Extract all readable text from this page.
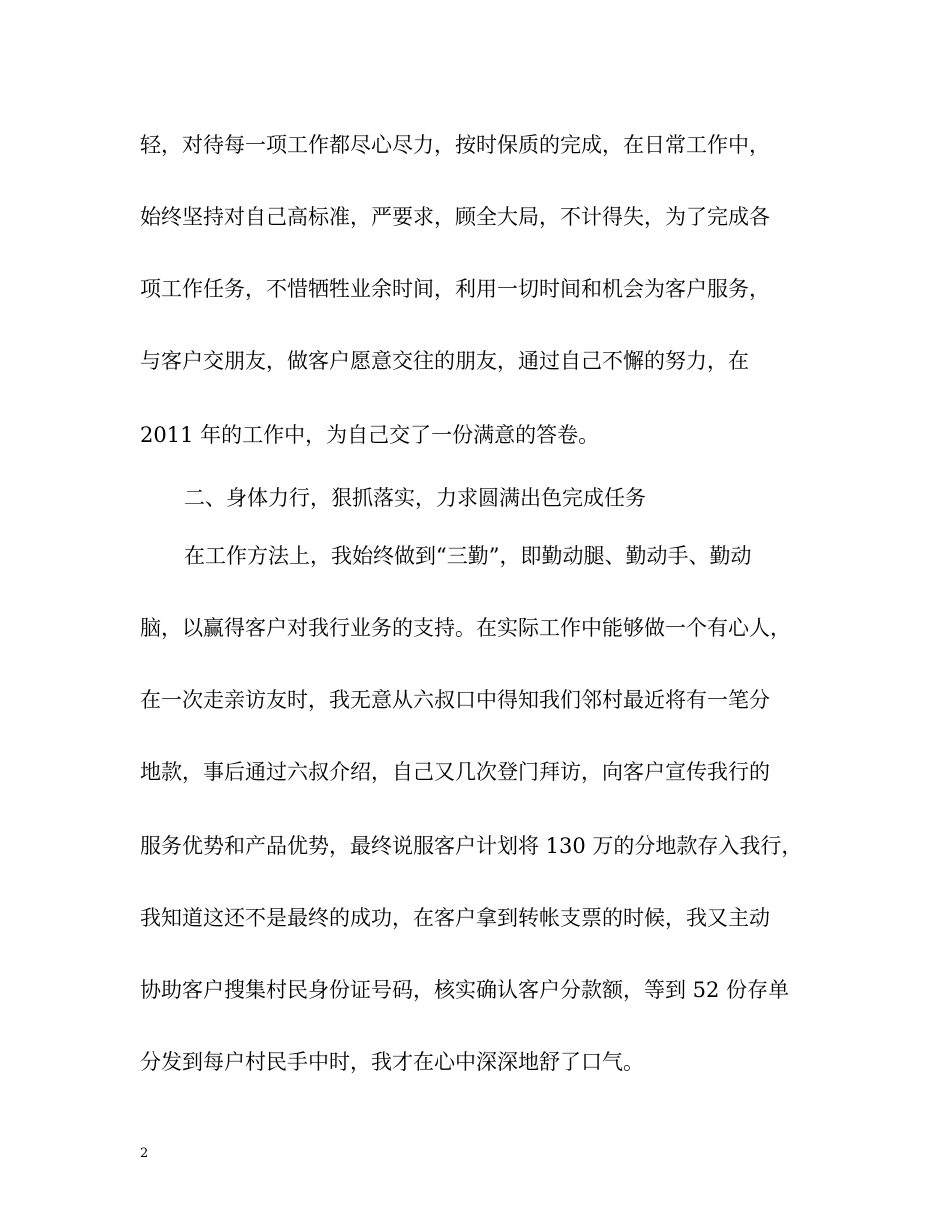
轻，对待每一项工作都尽心尽力，按时保质的完成，在日常工作中，
始终坚持对自己高标准，严要求，顾全大局，不计得失，为了完成各
项工作任务，不惜牺牲业余时间，利用一切时间和机会为客户服务，
与客户交朋友，做客户愿意交往的朋友，通过自己不懈的努力，在
2011 年的工作中，为自己交了一份满意的答卷。
二、身体力行，狠抓落实，力求圆满出色完成任务
在工作方法上，我始终做到“三勤”，即勤动腿、勤动手、勤动
脑，以赢得客户对我行业务的支持。在实际工作中能够做一个有心人，
在一次走亲访友时，我无意从六叔口中得知我们邻村最近将有一笔分
地款，事后通过六叔介绍，自己又几次登门拜访，向客户宣传我行的
服务优势和产品优势，最终说服客户计划将 130 万的分地款存入我行，
我知道这还不是最终的成功，在客户拿到转帐支票的时候，我又主动
协助客户搜集村民身份证号码，核实确认客户分款额，等到 52 份存单
分发到每户村民手中时，我才在心中深深地舒了口气。
2
